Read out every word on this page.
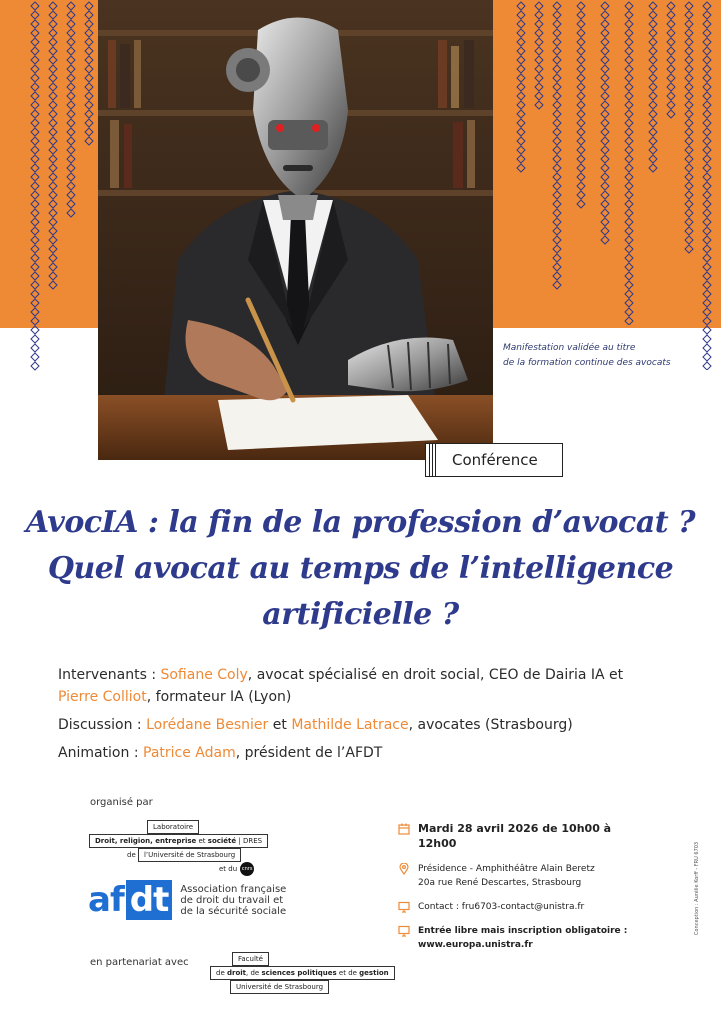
Manifestation validée au titre
de la formation continue des avocats
Conférence
AvocIA : la fin de la profession d’avocat ?
Quel avocat au temps de l’intelligence
artificielle ?

Intervenants : Sofiane Coly, avocat spécialisé en droit social, CEO de Dairia IA et
Pierre Colliot, formateur IA (Lyon)

Discussion : Lorédane Besnier et Mathilde Latrace, avocates (Strasbourg)

Animation : Patrice Adam, président de l’AFDT

organisé par
Laboratoire
Droit, religion, entreprise et société | DRES
de l’Université de Strasbourg
et du cnrs
af dt	Association française
de droit du travail et
de la sécurité sociale
en partenariat avec	Faculté
de droit, de sciences politiques et de gestion
Université de Strasbourg
Mardi 28 avril 2026 de 10h00 à 12h00
Présidence - Amphithéâtre Alain Beretz
20a rue René Descartes, Strasbourg
Contact : fru6703-contact@unistra.fr
Entrée libre mais inscription obligatoire :
www.europa.unistra.fr
Conception : Aurélie Korff - FRU 6703
